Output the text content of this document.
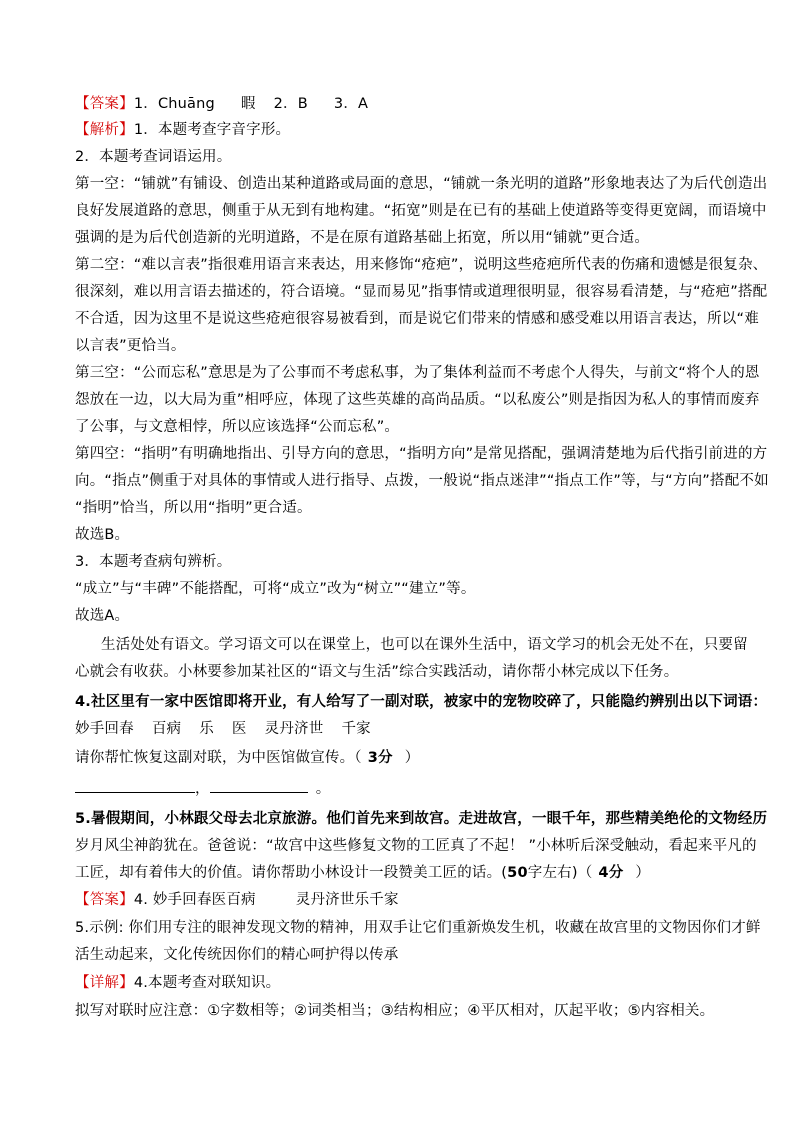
【答案】1．Chuāng 暇 2．B 3．A
【解析】1．本题考查字音字形。
2．本题考查词语运用。
第一空：“铺就”有铺设、创造出某种道路或局面的意思，“铺就一条光明的道路”形象地表达了为后代创造出
良好发展道路的意思，侧重于从无到有地构建。“拓宽”则是在已有的基础上使道路等变得更宽阔，而语境中
强调的是为后代创造新的光明道路，不是在原有道路基础上拓宽，所以用“铺就”更合适。
第二空：“难以言表”指很难用语言来表达，用来修饰“疮疤”，说明这些疮疤所代表的伤痛和遗憾是很复杂、
很深刻，难以用言语去描述的，符合语境。“显而易见”指事情或道理很明显，很容易看清楚，与“疮疤”搭配
不合适，因为这里不是说这些疮疤很容易被看到，而是说它们带来的情感和感受难以用语言表达，所以“难
以言表”更恰当。
第三空：“公而忘私”意思是为了公事而不考虑私事，为了集体利益而不考虑个人得失，与前文“将个人的恩
怨放在一边，以大局为重”相呼应，体现了这些英雄的高尚品质。“以私废公”则是指因为私人的事情而废弃
了公事，与文意相悖，所以应该选择“公而忘私”。
第四空：“指明”有明确地指出、引导方向的意思，“指明方向”是常见搭配，强调清楚地为后代指引前进的方
向。“指点”侧重于对具体的事情或人进行指导、点拨，一般说“指点迷津”“指点工作”等，与“方向”搭配不如
“指明”恰当，所以用“指明”更合适。
故选B。
3．本题考查病句辨析。
“成立”与“丰碑”不能搭配，可将“成立”改为“树立”“建立”等。
故选A。
生活处处有语文。学习语文可以在课堂上，也可以在课外生活中，语文学习的机会无处不在，只要留
心就会有收获。小林要参加某社区的“语文与生活”综合实践活动，请你帮小林完成以下任务。
4.社区里有一家中医馆即将开业，有人给写了一副对联，被家中的宠物咬碎了，只能隐约辨别出以下词语：
妙手回春 百病 乐 医 灵丹济世 千家
请你帮忙恢复这副对联，为中医馆做宣传。（ 3分 ）
，	。
5.暑假期间，小林跟父母去北京旅游。他们首先来到故宫。走进故宫，一眼千年，那些精美绝伦的文物经历
岁月风尘神韵犹在。爸爸说：“故宫中这些修复文物的工匠真了不起！ ”小林听后深受触动，看起来平凡的
工匠，却有着伟大的价值。请你帮助小林设计一段赞美工匠的话。(50字左右)（ 4分 ）
【答案】4. 妙手回春医百病	灵丹济世乐千家
5.示例: 你们用专注的眼神发现文物的精神，用双手让它们重新焕发生机，收藏在故宫里的文物因你们才鲜
活生动起来，文化传统因你们的精心呵护得以传承
【详解】4.本题考查对联知识。
拟写对联时应注意：①字数相等；②词类相当；③结构相应；④平仄相对，仄起平收；⑤内容相关。
